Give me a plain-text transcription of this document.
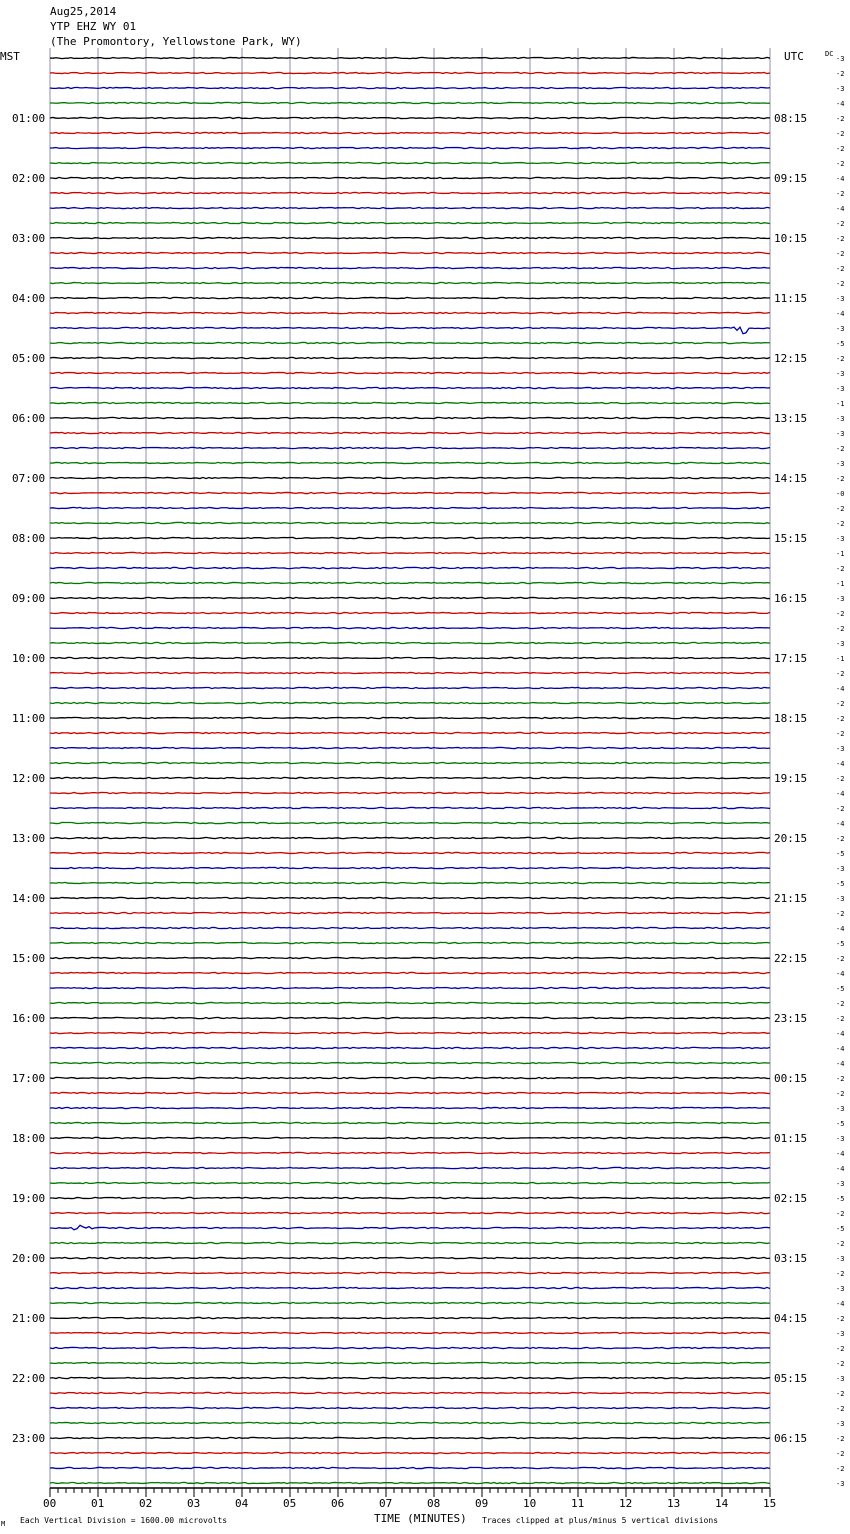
Aug25,2014
YTP EHZ WY 01
(The Promontory, Yellowstone Park, WY)
MST	UTC	DC
-3
-2
-3
-4
-2
01:00	08:15
-2
-2
-2
-4
02:00	09:15
-2
-4
-2
-2
03:00	10:15
-2
-2
-2
-3
04:00	11:15
-4
-3
-5
-2
05:00	12:15
-3
-3
-1
-3
06:00	13:15
-3
-2
-3
-2
07:00	14:15
-0
-2
-2
-3
08:00	15:15
-1
-2
-1
-3
09:00	16:15
-2
-2
-3
-1
10:00	17:15
-2
-4
-2
-2
11:00	18:15
-2
-3
-4
-2
12:00	19:15
-4
-2
-4
-2
13:00	20:15
-5
-3
-5
-3
14:00	21:15
-2
-4
-5
-2
15:00	22:15
-4
-5
-2
-2
16:00	23:15
-4
-4
-4
-2
17:00	00:15
-2
-3
-5
-3
18:00	01:15
-4
-4
-3
-5
19:00	02:15
-2
-5
-2
-3
20:00	03:15
-2
-3
-4
-2
21:00	04:15
-3
-2
-2
-3
22:00	05:15
-2
-2
-3
-2
23:00	06:15
-2
-2
-3
00	01	02	03	04	05	06	07	08	09	10	11	12	13	14	15
TIME (MINUTES)
Each Vertical Division = 1600.00 microvolts	Traces clipped at plus/minus 5 vertical divisions
M
